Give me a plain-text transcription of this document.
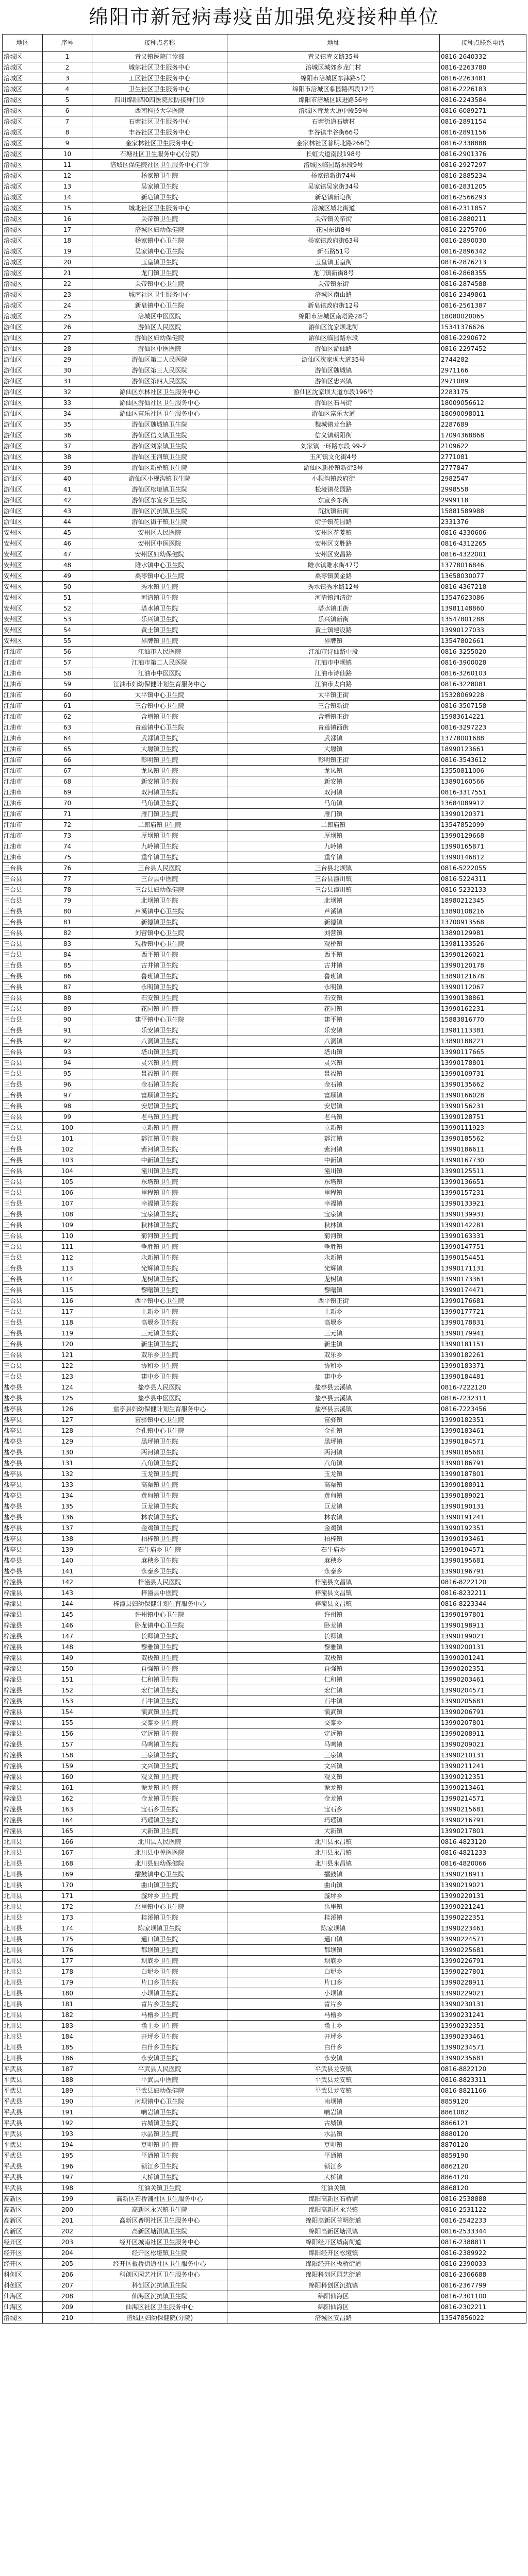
绵阳市新冠病毒疫苗加强免疫接种单位
地区	序号	接种点名称	地址	接种点联系电话
涪城区	1	青义镇医院门诊部	青义镇青义路35号	0816-2640332
涪城区	2	城郊社区卫生服务中心	涪城区城郊乡龙门村	0816-2263780
涪城区	3	工区社区卫生服务中心	绵阳市涪城区东津路5号	0816-2263481
涪城区	4	卫生社区卫生服务中心	绵阳市涪城区临园路西段12号	0816-2226183
涪城区	5	四川绵阳四0四医院预防接种门诊	绵阳市涪城区跃进路56号	0816-2243584
涪城区	6	西南科技大学医院	涪城区青龙大道中段59号	0816-6089271
涪城区	7	石塘社区卫生服务中心	石塘街道石塘村	0816-2891154
涪城区	8	丰谷社区卫生服务中心	丰谷镇丰谷街66号	0816-2891156
涪城区	9	金家林社区卫生服务中心	金家林社区普明北路266号	0816-2338888
涪城区	10	石塘社区卫生服务中心(分院)	长虹大道南段198号	0816-2901376
涪城区	11	涪城区保健院社区卫生服务中心门诊	涪城区临园路东段9号	0816-2927297
涪城区	12	杨家镇卫生院	杨家镇新街74号	0816-2885234
涪城区	13	吴家镇卫生院	吴家镇吴家街34号	0816-2831205
涪城区	14	新皂镇卫生院	新皂镇新皂街	0816-2566293
涪城区	15	城北社区卫生服务中心	涪城区城北街道	0816-2311857
涪城区	16	关帝镇卫生院	关帝镇关帝街	0816-2880211
涪城区	17	涪城区妇幼保健院	花园东街8号	0816-2275706
涪城区	18	杨家镇中心卫生院	杨家镇政府街63号	0816-2890030
涪城区	19	吴家镇中心卫生院	新石路51号	0816-2896342
涪城区	20	玉皇镇卫生院	玉皇镇玉皇街	0816-2876213
涪城区	21	龙门镇卫生院	龙门镇新街8号	0816-2868355
涪城区	22	关帝镇中心卫生院	关帝镇东街	0816-2874588
涪城区	23	城南社区卫生服务中心	涪城区南山路	0816-2349861
涪城区	24	新皂镇中心卫生院	新皂镇政府街12号	0816-2561387
涪城区	25	涪城区中医医院	绵阳市涪城区南塔路28号	18080020065
游仙区	26	游仙区人民医院	游仙区沈家坝北街	15341376626
游仙区	27	游仙区妇幼保健院	游仙区临园路东段	0816-2290672
游仙区	28	游仙区中医医院	游仙区游仙路	0816-2297452
游仙区	29	游仙区第二人民医院	游仙区沈家坝大道35号	2744282
游仙区	30	游仙区第三人民医院	游仙区魏城镇	2971166
游仙区	31	游仙区第四人民医院	游仙区忠兴镇	2971089
游仙区	32	游仙区东林社区卫生服务中心	游仙区沈家坝大道东段196号	2283175
游仙区	33	游仙区游仙社区卫生服务中心	游仙区石马街	18009056612
游仙区	34	游仙区富乐社区卫生服务中心	游仙区富乐大道	18090098011
游仙区	35	游仙区魏城镇卫生院	魏城镇龙台路	2287689
游仙区	36	游仙区信义镇卫生院	信义镇朝阳街	17094368868
游仙区	37	游仙区刘家镇卫生院	刘家镇一环路东段 99-2	2109622
游仙区	38	游仙区玉河镇卫生院	玉河镇文化街4号	2771081
游仙区	39	游仙区新桥镇卫生院	游仙区新桥镇新街3号	2777847
游仙区	40	游仙区小枧沟镇卫生院	小枧沟镇政府街	2982547
游仙区	41	游仙区松垭镇卫生院	松垭镇花园路	2998558
游仙区	42	游仙区东宣乡卫生院	东宣乡东街	2999118
游仙区	43	游仙区沉抗镇卫生院	沉抗镇新街	15881589988
游仙区	44	游仙区街子镇卫生院	街子镇花园路	2331376
安州区	45	安州区人民医院	安州区花菱镇	0816-4330606
安州区	46	安州区中医医院	安州区文胜路	0816-4312265
安州区	47	安州区妇幼保健院	安州区安昌路	0816-4322001
安州区	48	雎水镇中心卫生院	雎水镇雎水街47号	13778016846
安州区	49	桑枣镇中心卫生院	桑枣镇黄金路	13658030077
安州区	50	秀水镇卫生院	秀水镇秀水路12号	0816-4367218
安州区	51	河清镇卫生院	河清镇河清街	13547623086
安州区	52	塔水镇卫生院	塔水镇正街	13981148860
安州区	53	乐兴镇卫生院	乐兴镇新街	13547801288
安州区	54	黄土镇卫生院	黄土镇建设路	13990127033
安州区	55	界牌镇卫生院	界牌镇	13547802661
江油市	56	江油市人民医院	江油市诗仙路中段	0816-3255020
江油市	57	江油市第二人民医院	江油市中坝镇	0816-3900028
江油市	58	江油市中医医院	江油市诗仙路	0816-3260103
江油市	59	江油市妇幼保健计划生育服务中心	江油市太白路	0816-3228081
江油市	60	太平镇中心卫生院	太平镇正街	15328069228
江油市	61	三合镇中心卫生院	三合镇新街	0816-3507158
江油市	62	含增镇卫生院	含增镇正街	15983614221
江油市	63	青莲镇中心卫生院	青莲镇西街	0816-3297223
江油市	64	武都镇卫生院	武都镇	13778001688
江油市	65	大堰镇卫生院	大堰镇	18990123661
江油市	66	彰明镇卫生院	彰明镇正街	0816-3543612
江油市	67	龙凤镇卫生院	龙凤镇	13550811006
江油市	68	新安镇卫生院	新安镇	13890160566
江油市	69	双河镇卫生院	双河镇	0816-3317551
江油市	70	马角镇卫生院	马角镇	13684089912
江油市	71	雁门镇卫生院	雁门镇	13990120371
江油市	72	二郎庙镇卫生院	二郎庙镇	13547852099
江油市	73	厚坝镇卫生院	厚坝镇	13990129668
江油市	74	九岭镇卫生院	九岭镇	13990165871
江油市	75	重华镇卫生院	重华镇	13990146812
三台县	76	三台县人民医院	三台县北坝镇	0816-5222055
三台县	77	三台县中医院	三台县潼川镇	0816-5224311
三台县	78	三台县妇幼保健院	三台县潼川镇	0816-5232133
三台县	79	北坝镇卫生院	北坝镇	18980212345
三台县	80	芦溪镇中心卫生院	芦溪镇	13890108216
三台县	81	新德镇卫生院	新德镇	13700913568
三台县	82	刘营镇中心卫生院	刘营镇	13890129981
三台县	83	观桥镇中心卫生院	观桥镇	13981133526
三台县	84	西平镇卫生院	西平镇	13990126021
三台县	85	古井镇卫生院	古井镇	13990120178
三台县	86	鲁班镇卫生院	鲁班镇	13890121678
三台县	87	永明镇卫生院	永明镇	13990112067
三台县	88	石安镇卫生院	石安镇	13990138861
三台县	89	花园镇卫生院	花园镇	13990162231
三台县	90	建平镇中心卫生院	建平镇	15883816770
三台县	91	乐安镇卫生院	乐安镇	13981113381
三台县	92	八洞镇卫生院	八洞镇	13890188221
三台县	93	塔山镇卫生院	塔山镇	13990117665
三台县	94	灵兴镇卫生院	灵兴镇	13990178801
三台县	95	景福镇卫生院	景福镇	13990109731
三台县	96	金石镇卫生院	金石镇	13990135662
三台县	97	富顺镇卫生院	富顺镇	13990166028
三台县	98	安居镇卫生院	安居镇	13990156231
三台县	99	老马镇卫生院	老马镇	13990128751
三台县	100	立新镇卫生院	立新镇	13990111923
三台县	101	郪江镇卫生院	郪江镇	13990185562
三台县	102	紫河镇卫生院	紫河镇	13990186611
三台县	103	中新镇卫生院	中新镇	13990167730
三台县	104	潼川镇卫生院	潼川镇	13990125511
三台县	105	东塔镇卫生院	东塔镇	13990136651
三台县	106	里程镇卫生院	里程镇	13990157231
三台县	107	幸福镇卫生院	幸福镇	13990133921
三台县	108	宝泉镇卫生院	宝泉镇	13990139931
三台县	109	秋林镇卫生院	秋林镇	13990142281
三台县	110	菊河镇卫生院	菊河镇	13990163331
三台县	111	争胜镇卫生院	争胜镇	13990147751
三台县	112	永新镇卫生院	永新镇	13990154451
三台县	113	光辉镇卫生院	光辉镇	13990171131
三台县	114	龙树镇卫生院	龙树镇	13990173361
三台县	115	黎曙镇卫生院	黎曙镇	13990174471
三台县	116	西平镇中心卫生院	西平镇正街	13990176681
三台县	117	上新乡卫生院	上新乡	13990177721
三台县	118	高堰乡卫生院	高堰乡	13990178831
三台县	119	三元镇卫生院	三元镇	13990179941
三台县	120	新生镇卫生院	新生镇	13990181151
三台县	121	双乐乡卫生院	双乐乡	13990182261
三台县	122	协和乡卫生院	协和乡	13990183371
三台县	123	建中乡卫生院	建中乡	13990184481
盐亭县	124	盐亭县人民医院	盐亭县云溪镇	0816-7222120
盐亭县	125	盐亭县中医医院	盐亭县云溪镇	0816-7232311
盐亭县	126	盐亭县妇幼保健计划生育服务中心	盐亭县云溪镇	0816-7223456
盐亭县	127	富驿镇中心卫生院	富驿镇	13990182351
盐亭县	128	金孔镇中心卫生院	金孔镇	13990183461
盐亭县	129	黑坪镇卫生院	黑坪镇	13990184571
盐亭县	130	两河镇卫生院	两河镇	13990185681
盐亭县	131	八角镇卫生院	八角镇	13990186791
盐亭县	132	玉龙镇卫生院	玉龙镇	13990187801
盐亭县	133	高渠镇卫生院	高渠镇	13990188911
盐亭县	134	黄甸镇卫生院	黄甸镇	13990189021
盐亭县	135	巨龙镇卫生院	巨龙镇	13990190131
盐亭县	136	林农镇卫生院	林农镇	13990191241
盐亭县	137	金鸡镇卫生院	金鸡镇	13990192351
盐亭县	138	柏梓镇卫生院	柏梓镇	13990193461
盐亭县	139	石牛庙乡卫生院	石牛庙乡	13990194571
盐亭县	140	麻秧乡卫生院	麻秧乡	13990195681
盐亭县	141	永泰乡卫生院	永泰乡	13990196791
梓潼县	142	梓潼县人民医院	梓潼县文昌镇	0816-8222120
梓潼县	143	梓潼县中医院	梓潼县文昌镇	0816-8232211
梓潼县	144	梓潼县妇幼保健计划生育服务中心	梓潼县文昌镇	0816-8223344
梓潼县	145	许州镇中心卫生院	许州镇	13990197801
梓潼县	146	卧龙镇中心卫生院	卧龙镇	13990198911
梓潼县	147	长卿镇卫生院	长卿镇	13990199021
梓潼县	148	黎雅镇卫生院	黎雅镇	13990200131
梓潼县	149	双板镇卫生院	双板镇	13990201241
梓潼县	150	自强镇卫生院	自强镇	13990202351
梓潼县	151	仁和镇卫生院	仁和镇	13990203461
梓潼县	152	宏仁镇卫生院	宏仁镇	13990204571
梓潼县	153	石牛镇卫生院	石牛镇	13990205681
梓潼县	154	演武镇卫生院	演武镇	13990206791
梓潼县	155	交泰乡卫生院	交泰乡	13990207801
梓潼县	156	定远镇卫生院	定远镇	13990208911
梓潼县	157	马鸣镇卫生院	马鸣镇	13990209021
梓潼县	158	三泉镇卫生院	三泉镇	13990210131
梓潼县	159	文兴镇卫生院	文兴镇	13990211241
梓潼县	160	观义镇卫生院	观义镇	13990212351
梓潼县	161	豢龙镇卫生院	豢龙镇	13990213461
梓潼县	162	金龙镇卫生院	金龙镇	13990214571
梓潼县	163	宝石乡卫生院	宝石乡	13990215681
梓潼县	164	玛瑙镇卫生院	玛瑙镇	13990216791
梓潼县	165	大新镇卫生院	大新镇	13990217801
北川县	166	北川县人民医院	北川县永昌镇	0816-4823120
北川县	167	北川县中羌医医院	北川县永昌镇	0816-4821233
北川县	168	北川县妇幼保健院	北川县永昌镇	0816-4820066
北川县	169	擂鼓镇中心卫生院	擂鼓镇	13990218911
北川县	170	曲山镇卫生院	曲山镇	13990219021
北川县	171	漩坪乡卫生院	漩坪乡	13990220131
北川县	172	禹里镇中心卫生院	禹里镇	13990221241
北川县	173	桂溪镇卫生院	桂溪镇	13990222351
北川县	174	陈家坝镇卫生院	陈家坝镇	13990223461
北川县	175	通口镇卫生院	通口镇	13990224571
北川县	176	都坝镇卫生院	都坝镇	13990225681
北川县	177	坝底乡卫生院	坝底乡	13990226791
北川县	178	白坭乡卫生院	白坭乡	13990227801
北川县	179	片口乡卫生院	片口乡	13990228911
北川县	180	小坝镇卫生院	小坝镇	13990229021
北川县	181	青片乡卫生院	青片乡	13990230131
北川县	182	马槽乡卫生院	马槽乡	13990231241
北川县	183	墩上乡卫生院	墩上乡	13990232351
北川县	184	开坪乡卫生院	开坪乡	13990233461
北川县	185	白什乡卫生院	白什乡	13990234571
北川县	186	永安镇卫生院	永安镇	13990235681
平武县	187	平武县人民医院	平武县龙安镇	0816-8822120
平武县	188	平武县中医院	平武县龙安镇	0816-8823311
平武县	189	平武县妇幼保健院	平武县龙安镇	0816-8821166
平武县	190	南坝镇中心卫生院	南坝镇	8859120
平武县	191	响岩镇卫生院	响岩镇	8861082
平武县	192	古城镇卫生院	古城镇	8866121
平武县	193	水晶镇卫生院	水晶镇	8880120
平武县	194	豆叩镇卫生院	豆叩镇	8870120
平武县	195	平通镇卫生院	平通镇	8859190
平武县	196	锁江乡卫生院	锁江乡	8862120
平武县	197	大桥镇卫生院	大桥镇	8864120
平武县	198	江油关镇卫生院	江油关镇	8868120
高新区	199	高新区石桥铺社区卫生服务中心	绵阳高新区石桥铺	0816-2538888
高新区	200	高新区永兴镇卫生院	绵阳高新区永兴镇	0816-2531122
高新区	201	高新区普明社区卫生服务中心	绵阳高新区普明街道	0816-2542233
高新区	202	高新区塘汛镇卫生院	绵阳高新区塘汛镇	0816-2533344
经开区	203	经开区城南社区卫生服务中心	绵阳经开区城南街道	0816-2388811
经开区	204	经开区松垭镇卫生院	绵阳经开区松垭镇	0816-2389922
经开区	205	经开区板桥街道社区卫生服务中心	绵阳经开区板桥街道	0816-2390033
科创区	206	科创区园艺社区卫生服务中心	绵阳科创区园艺街道	0816-2366688
科创区	207	科创区沉抗镇卫生院	绵阳科创区沉抗镇	0816-2367799
仙海区	208	仙海区沉抗镇卫生院	绵阳仙海区	0816-2301100
仙海区	209	仙海区社区卫生服务中心	绵阳仙海区	0816-2302211
涪城区	210	涪城区妇幼保健院(分院)	涪城区安昌路	13547856022
